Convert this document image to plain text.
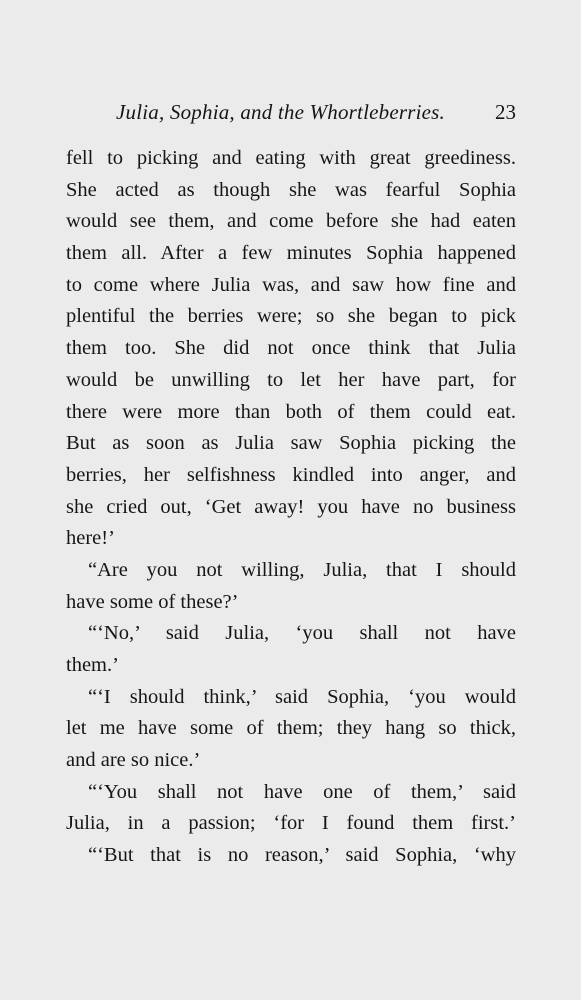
Julia, Sophia, and the Whortleberries. 23
fell to picking and eating with great greediness.
She acted as though she was fearful Sophia
would see them, and come before she had eaten
them all. After a few minutes Sophia happened
to come where Julia was, and saw how fine and
plentiful the berries were; so she began to pick
them too. She did not once think that Julia
would be unwilling to let her have part, for
there were more than both of them could eat.
But as soon as Julia saw Sophia picking the
berries, her selfishness kindled into anger, and
she cried out, ‘Get away! you have no business
here!’
“Are you not willing, Julia, that I should
have some of these?’
“‘No,’ said Julia, ‘you shall not have
them.’
“‘I should think,’ said Sophia, ‘you would
let me have some of them; they hang so thick,
and are so nice.’
“‘You shall not have one of them,’ said
Julia, in a passion; ‘for I found them first.’
“‘But that is no reason,’ said Sophia, ‘why
